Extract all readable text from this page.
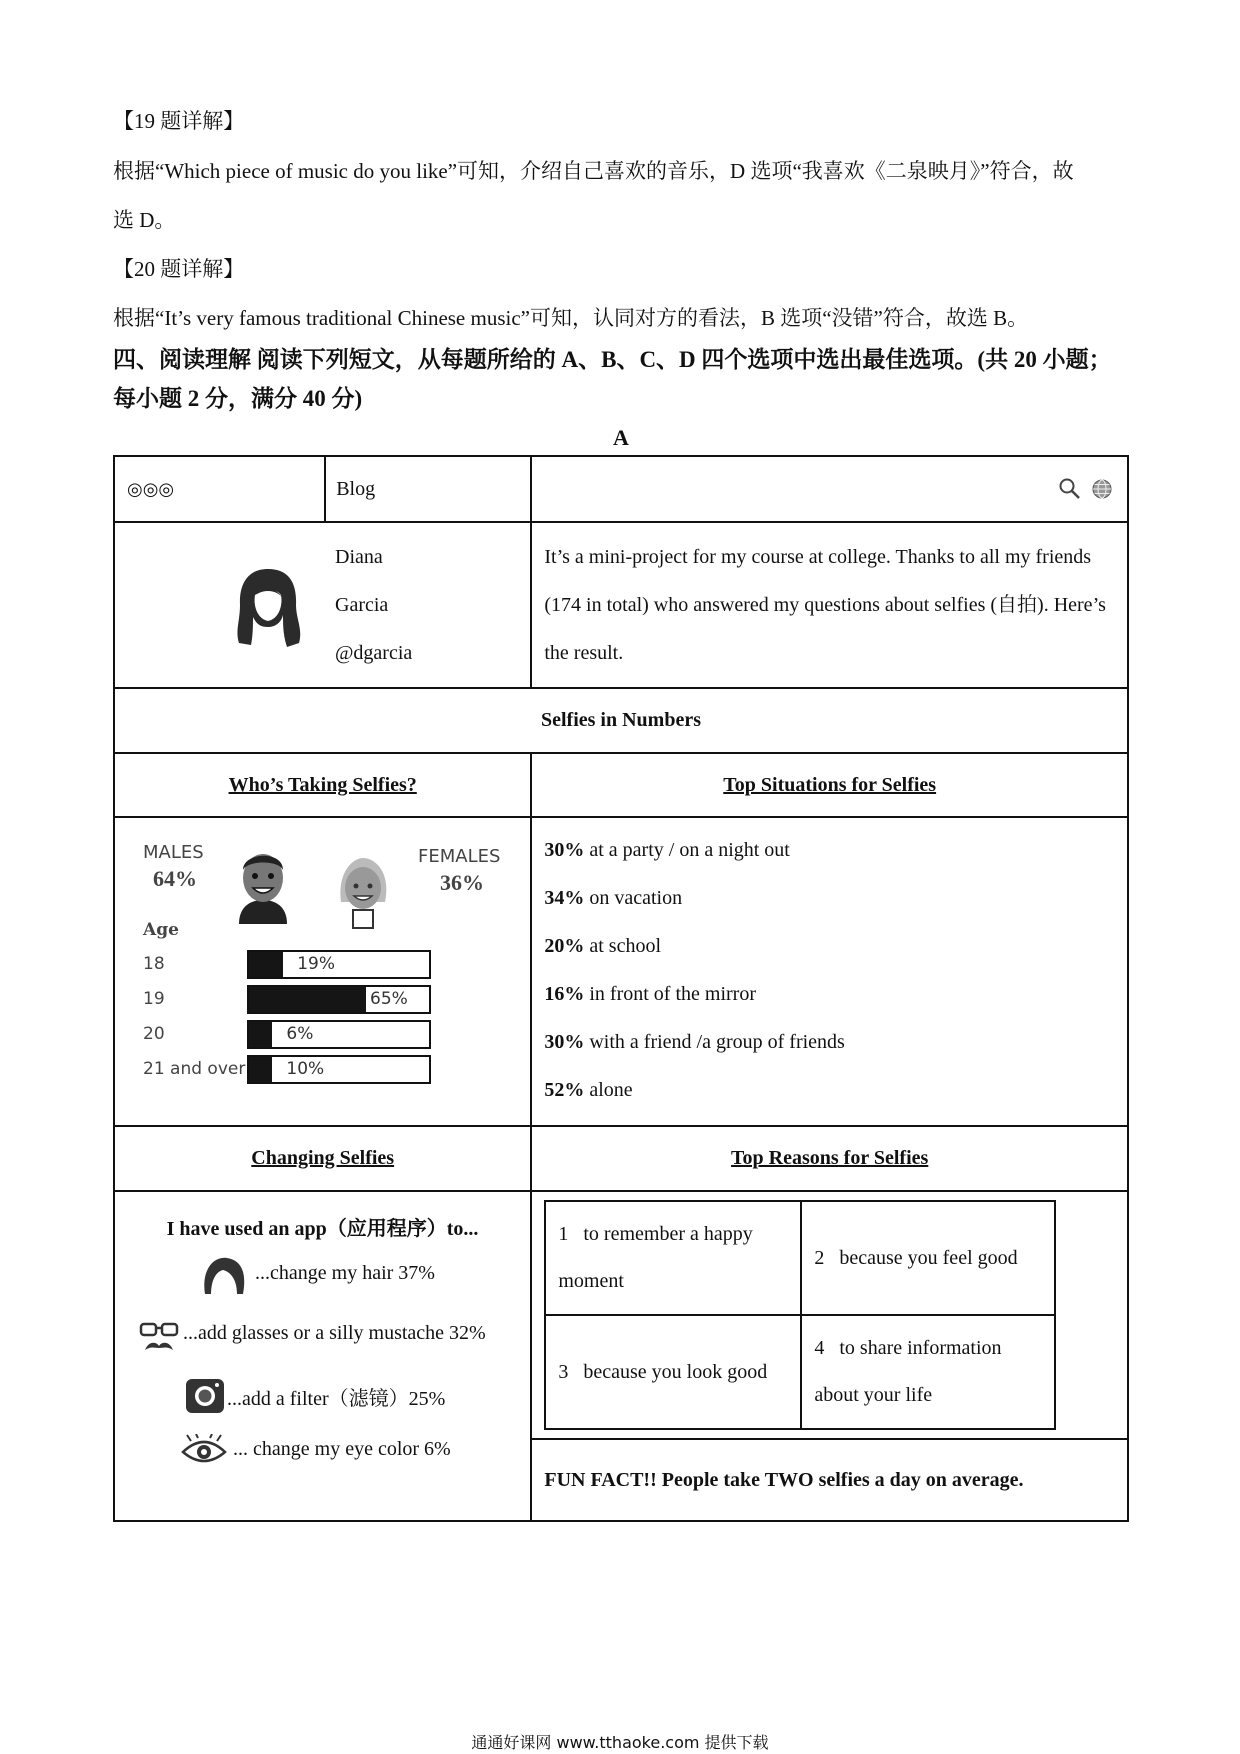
【19 题详解】
根据“Which piece of music do you like”可知，介绍自己喜欢的音乐，D 选项“我喜欢《二泉映月》”符合，故
选 D。
【20 题详解】
根据“It’s very famous traditional Chinese music”可知，认同对方的看法，B 选项“没错”符合，故选 B。
四、阅读理解 阅读下列短文，从每题所给的 A、B、C、D 四个选项中选出最佳选项。(共 20 小题；每小题 2 分，满分 40 分)
A
◎◎◎	Blog	

Diana
Garcia
@dgarcia
	It’s a mini-project for my course at college. Thanks to all my friends (174 in total) who answered my questions about selfies (自拍). Here’s the result.
Selfies in Numbers
Who’s Taking Selfies?	Top Situations for Selfies

MALES
64%
FEMALES
36%
Age
18	19%
19	65%
20	6%
21 and over 10%

30% at a party / on a night out
34% on vacation
20% at school
16% in front of the mirror
30% with a friend /a group of friends
52% alone

Changing Selfies	Top Reasons for Selfies

I have used an app（应用程序）to...
...change my hair 37%
...add glasses or a silly mustache 32%
...add a filter（滤镜）25%
... change my eye color 6%

1 to remember a happy moment	2 because you feel good
3 because you look good	4 to share information about your life

FUN FACT!! People take TWO selfies a day on average.
通通好课网 www.tthaoke.com 提供下载
